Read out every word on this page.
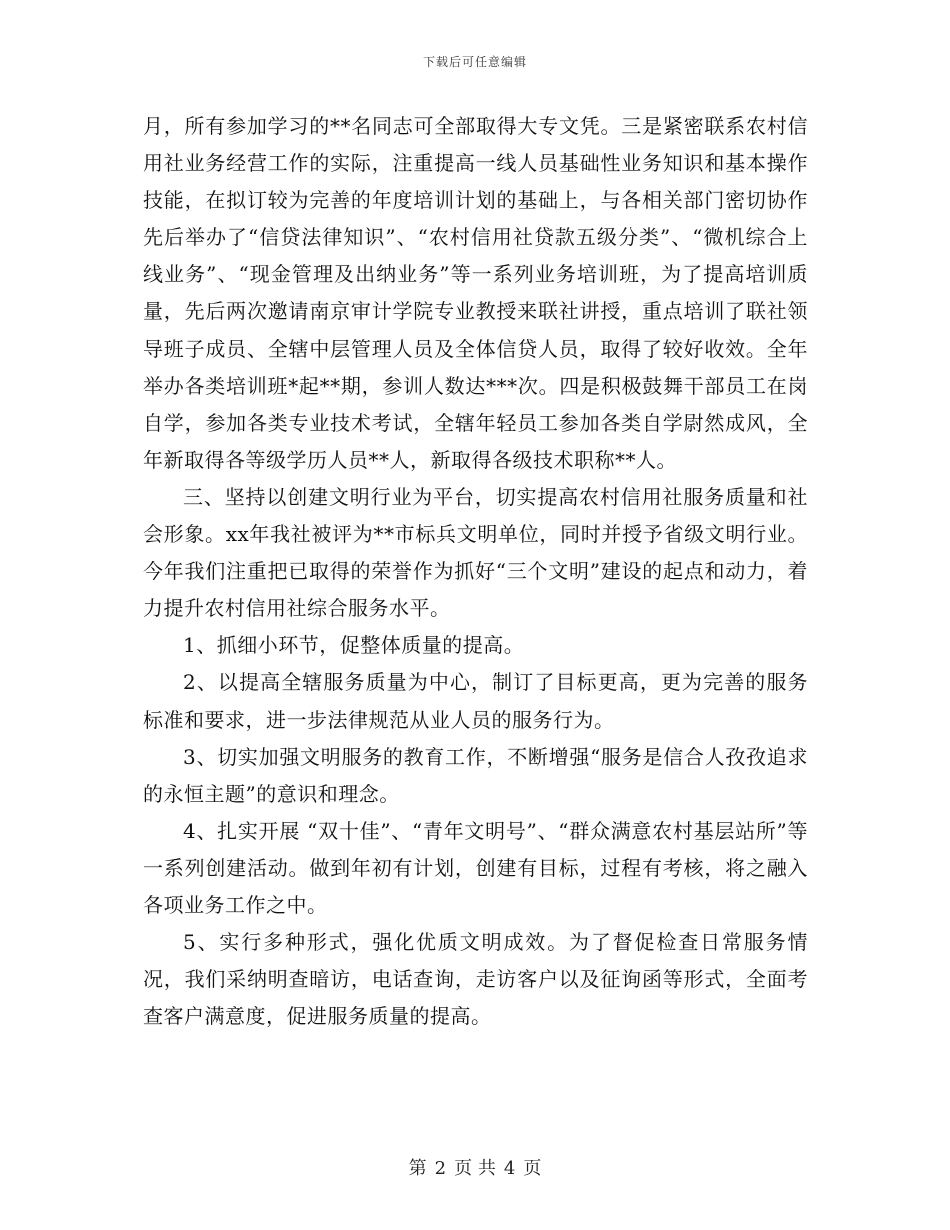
下载后可任意编辑

月，所有参加学习的**名同志可全部取得大专文凭。三是紧密联系农村信用社业务经营工作的实际，注重提高一线人员基础性业务知识和基本操作技能，在拟订较为完善的年度培训计划的基础上，与各相关部门密切协作先后举办了“信贷法律知识”、“农村信用社贷款五级分类”、“微机综合上线业务”、“现金管理及出纳业务”等一系列业务培训班，为了提高培训质量，先后两次邀请南京审计学院专业教授来联社讲授，重点培训了联社领导班子成员、全辖中层管理人员及全体信贷人员，取得了较好收效。全年举办各类培训班*起**期，参训人数达***次。四是积极鼓舞干部员工在岗自学，参加各类专业技术考试，全辖年轻员工参加各类自学尉然成风，全年新取得各等级学历人员**人，新取得各级技术职称**人。

三、坚持以创建文明行业为平台，切实提高农村信用社服务质量和社会形象。xx年我社被评为**市标兵文明单位，同时并授予省级文明行业。今年我们注重把已取得的荣誉作为抓好“三个文明”建设的起点和动力，着力提升农村信用社综合服务水平。

1、抓细小环节，促整体质量的提高。

2、以提高全辖服务质量为中心，制订了目标更高，更为完善的服务标准和要求，进一步法律规范从业人员的服务行为。

3、切实加强文明服务的教育工作，不断增强“服务是信合人孜孜追求的永恒主题”的意识和理念。

4、扎实开展 “双十佳”、“青年文明号”、“群众满意农村基层站所”等一系列创建活动。做到年初有计划，创建有目标，过程有考核，将之融入各项业务工作之中。

5、实行多种形式，强化优质文明成效。为了督促检查日常服务情况，我们采纳明查暗访，电话查询，走访客户以及征询函等形式，全面考查客户满意度，促进服务质量的提高。

第 2 页 共 4 页
